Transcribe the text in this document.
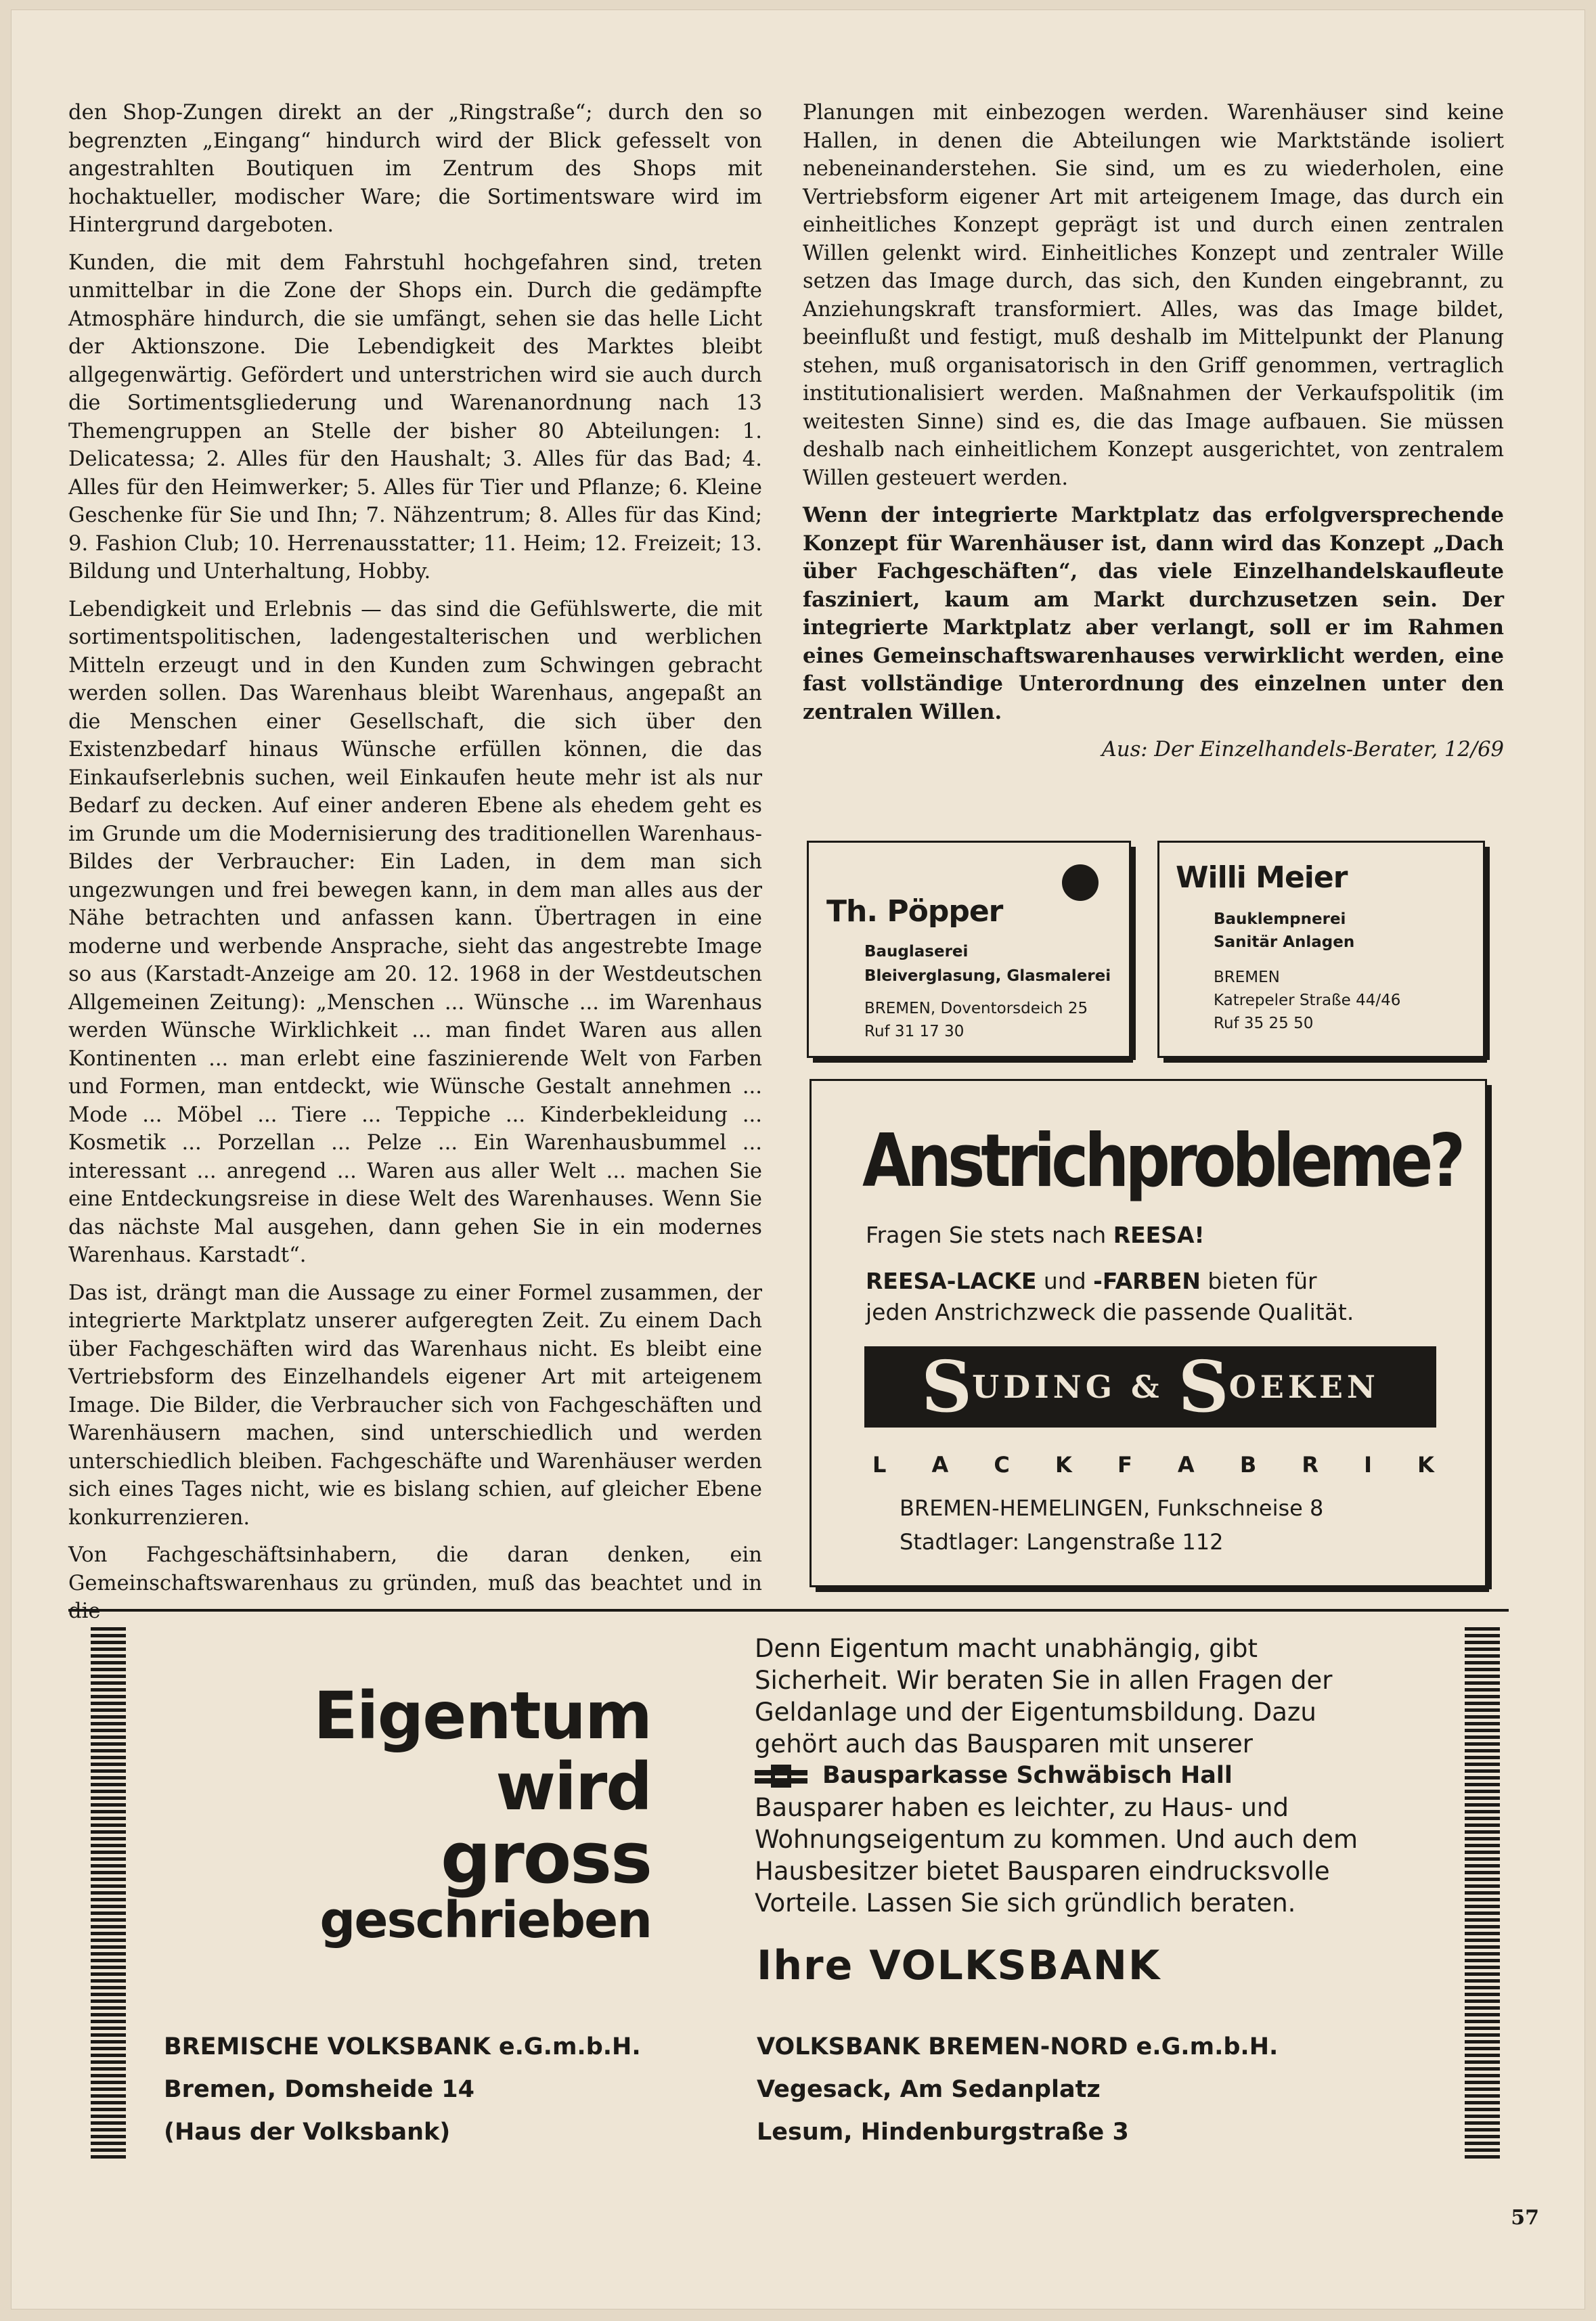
den Shop-Zungen direkt an der „Ringstraße“; durch den so begrenzten „Eingang“ hindurch wird der Blick gefesselt von angestrahlten Boutiquen im Zentrum des Shops mit hochaktueller, modischer Ware; die Sortimentsware wird im Hintergrund dargeboten.

Kunden, die mit dem Fahrstuhl hochgefahren sind, treten unmittelbar in die Zone der Shops ein. Durch die gedämpfte Atmosphäre hindurch, die sie umfängt, sehen sie das helle Licht der Aktionszone. Die Lebendigkeit des Marktes bleibt allgegenwärtig. Gefördert und unterstrichen wird sie auch durch die Sortimentsgliederung und Warenanordnung nach 13 Themengruppen an Stelle der bisher 80 Abteilungen: 1. Delicatessa; 2. Alles für den Haushalt; 3. Alles für das Bad; 4. Alles für den Heimwerker; 5. Alles für Tier und Pflanze; 6. Kleine Geschenke für Sie und Ihn; 7. Nähzentrum; 8. Alles für das Kind; 9. Fashion Club; 10. Herrenausstatter; 11. Heim; 12. Freizeit; 13. Bildung und Unterhaltung, Hobby.

Lebendigkeit und Erlebnis — das sind die Gefühlswerte, die mit sortimentspolitischen, ladengestalterischen und werblichen Mitteln erzeugt und in den Kunden zum Schwingen gebracht werden sollen. Das Warenhaus bleibt Warenhaus, angepaßt an die Menschen einer Gesellschaft, die sich über den Existenzbedarf hinaus Wünsche erfüllen können, die das Einkaufserlebnis suchen, weil Einkaufen heute mehr ist als nur Bedarf zu decken. Auf einer anderen Ebene als ehedem geht es im Grunde um die Modernisierung des traditionellen Warenhaus-Bildes der Verbraucher: Ein Laden, in dem man sich ungezwungen und frei bewegen kann, in dem man alles aus der Nähe betrachten und anfassen kann. Übertragen in eine moderne und werbende Ansprache, sieht das angestrebte Image so aus (Karstadt-Anzeige am 20. 12. 1968 in der Westdeutschen Allgemeinen Zeitung): „Menschen ... Wünsche ... im Warenhaus werden Wünsche Wirklichkeit ... man findet Waren aus allen Kontinenten ... man erlebt eine faszinierende Welt von Farben und Formen, man entdeckt, wie Wünsche Gestalt annehmen ... Mode ... Möbel ... Tiere ... Teppiche ... Kinderbekleidung ... Kosmetik ... Porzellan ... Pelze ... Ein Warenhausbummel ... interessant ... anregend ... Waren aus aller Welt ... machen Sie eine Entdeckungsreise in diese Welt des Warenhauses. Wenn Sie das nächste Mal ausgehen, dann gehen Sie in ein modernes Warenhaus. Karstadt“.

Das ist, drängt man die Aussage zu einer Formel zusammen, der integrierte Marktplatz unserer aufgeregten Zeit. Zu einem Dach über Fachgeschäften wird das Warenhaus nicht. Es bleibt eine Vertriebsform des Einzelhandels eigener Art mit arteigenem Image. Die Bilder, die Verbraucher sich von Fachgeschäften und Warenhäusern machen, sind unterschiedlich und werden unterschiedlich bleiben. Fachgeschäfte und Warenhäuser werden sich eines Tages nicht, wie es bislang schien, auf gleicher Ebene konkurrenzieren.

Von Fachgeschäftsinhabern, die daran denken, ein Gemeinschaftswarenhaus zu gründen, muß das beachtet und in

Planungen mit einbezogen werden. Warenhäuser sind keine Hallen, in denen die Abteilungen wie Marktstände isoliert nebeneinanderstehen. Sie sind, um es zu wiederholen, eine Vertriebsform eigener Art mit arteigenem Image, das durch ein einheitliches Konzept geprägt ist und durch einen zentralen Willen gelenkt wird. Einheitliches Konzept und zentraler Wille setzen das Image durch, das sich, den Kunden eingebrannt, zu Anziehungskraft transformiert. Alles, was das Image bildet, beeinflußt und festigt, muß deshalb im Mittelpunkt der Planung stehen, muß organisatorisch in den Griff genommen, vertraglich institutionalisiert werden. Maßnahmen der Verkaufspolitik (im weitesten Sinne) sind es, die das Image aufbauen. Sie müssen deshalb nach einheitlichem Konzept ausgerichtet, von zentralem Willen gesteuert werden.

Wenn der integrierte Marktplatz das erfolgversprechende Konzept für Warenhäuser ist, dann wird das Konzept „Dach über Fachgeschäften“, das viele Einzelhandelskaufleute fasziniert, kaum am Markt durchzusetzen sein. Der integrierte Marktplatz aber verlangt, soll er im Rahmen eines Gemeinschaftswarenhauses verwirklicht werden, eine fast vollständige Unterordnung des einzelnen unter den zentralen Willen.

Aus: Der Einzelhandels-Berater, 12/69
Th. Pöpper
Bauglaserei
Bleiverglasung, Glasmalerei
BREMEN, Doventorsdeich 25
Ruf 31 17 30
Willi Meier
Bauklempnerei
Sanitär Anlagen
BREMEN
Katrepeler Straße 44/46
Ruf 35 25 50
Anstrichprobleme?
Fragen Sie stets nach REESA!
REESA-LACKE und -FARBEN bieten für
jeden Anstrichzweck die passende Qualität.
S UDING & S OEKEN
L A C K F A B R I K
BREMEN-HEMELINGEN, Funkschneise 8
Stadtlager: Langenstraße 112
Eigentum
wird
gross
geschrieben
Denn Eigentum macht unabhängig, gibt Sicherheit. Wir beraten Sie in allen Fragen der Geldanlage und der Eigentumsbildung. Dazu gehört auch das Bausparen mit unserer
Bausparkasse Schwäbisch Hall
Bausparer haben es leichter, zu Haus- und Wohnungseigentum zu kommen. Und auch dem Hausbesitzer bietet Bausparen eindrucksvolle Vorteile. Lassen Sie sich gründlich beraten.
Ihre VOLKSBANK
BREMISCHE VOLKSBANK e.G.m.b.H.
Bremen, Domsheide 14
(Haus der Volksbank)
VOLKSBANK BREMEN-NORD e.G.m.b.H.
Vegesack, Am Sedanplatz
Lesum, Hindenburgstraße 3
57
